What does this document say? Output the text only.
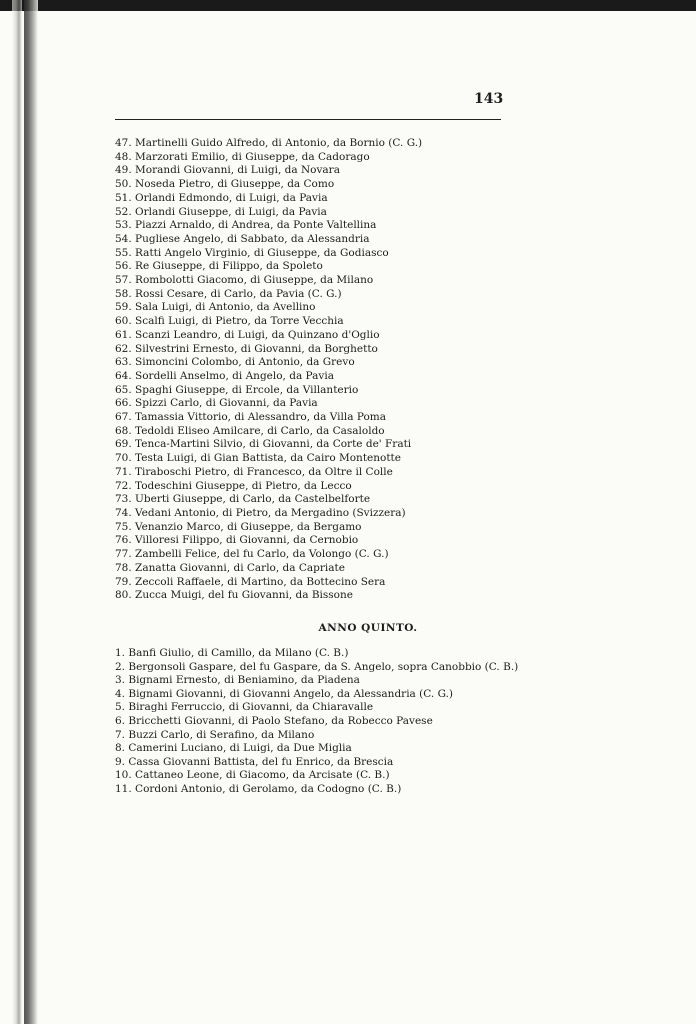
143
47. Martinelli Guido Alfredo, di Antonio, da Bornio (C. G.)
48. Marzorati Emilio, di Giuseppe, da Cadorago
49. Morandi Giovanni, di Luigi, da Novara
50. Noseda Pietro, di Giuseppe, da Como
51. Orlandi Edmondo, di Luigi, da Pavia
52. Orlandi Giuseppe, di Luigi, da Pavia
53. Piazzi Arnaldo, di Andrea, da Ponte Valtellina
54. Pugliese Angelo, di Sabbato, da Alessandria
55. Ratti Angelo Virginio, di Giuseppe, da Godiasco
56. Re Giuseppe, di Filippo, da Spoleto
57. Rombolotti Giacomo, di Giuseppe, da Milano
58. Rossi Cesare, di Carlo, da Pavia (C. G.)
59. Sala Luigi, di Antonio, da Avellino
60. Scalfi Luigi, di Pietro, da Torre Vecchia
61. Scanzi Leandro, di Luigi, da Quinzano d'Oglio
62. Silvestrini Ernesto, di Giovanni, da Borghetto
63. Simoncini Colombo, di Antonio, da Grevo
64. Sordelli Anselmo, di Angelo, da Pavia
65. Spaghi Giuseppe, di Ercole, da Villanterio
66. Spizzi Carlo, di Giovanni, da Pavia
67. Tamassia Vittorio, di Alessandro, da Villa Poma
68. Tedoldi Eliseo Amilcare, di Carlo, da Casaloldo
69. Tenca-Martini Silvio, di Giovanni, da Corte de' Frati
70. Testa Luigi, di Gian Battista, da Cairo Montenotte
71. Tiraboschi Pietro, di Francesco, da Oltre il Colle
72. Todeschini Giuseppe, di Pietro, da Lecco
73. Uberti Giuseppe, di Carlo, da Castelbelforte
74. Vedani Antonio, di Pietro, da Mergadino (Svizzera)
75. Venanzio Marco, di Giuseppe, da Bergamo
76. Villoresi Filippo, di Giovanni, da Cernobio
77. Zambelli Felice, del fu Carlo, da Volongo (C. G.)
78. Zanatta Giovanni, di Carlo, da Capriate
79. Zeccoli Raffaele, di Martino, da Bottecino Sera
80. Zucca Muigi, del fu Giovanni, da Bissone
ANNO QUINTO.
1. Banfi Giulio, di Camillo, da Milano (C. B.)
2. Bergonsoli Gaspare, del fu Gaspare, da S. Angelo, sopra Canobbio (C. B.)
3. Bignami Ernesto, di Beniamino, da Piadena
4. Bignami Giovanni, di Giovanni Angelo, da Alessandria (C. G.)
5. Biraghi Ferruccio, di Giovanni, da Chiaravalle
6. Bricchetti Giovanni, di Paolo Stefano, da Robecco Pavese
7. Buzzi Carlo, di Serafino, da Milano
8. Camerini Luciano, di Luigi, da Due Miglia
9. Cassa Giovanni Battista, del fu Enrico, da Brescia
10. Cattaneo Leone, di Giacomo, da Arcisate (C. B.)
11. Cordoni Antonio, di Gerolamo, da Codogno (C. B.)
